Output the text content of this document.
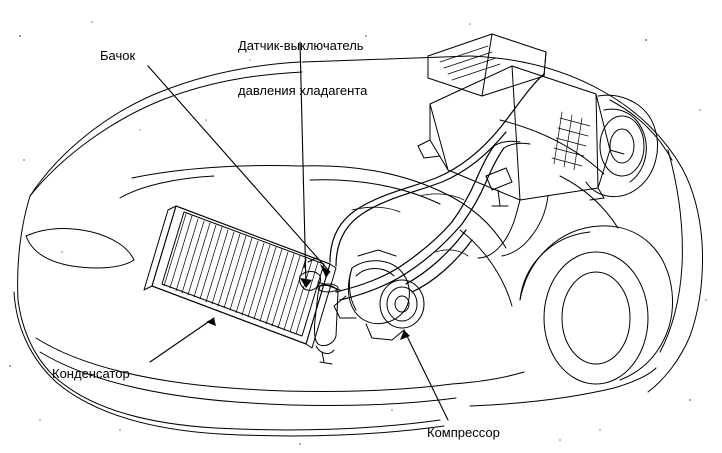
Бачок

Датчик-выключатель

давления хладагента

Конденсатор
Компрессор
